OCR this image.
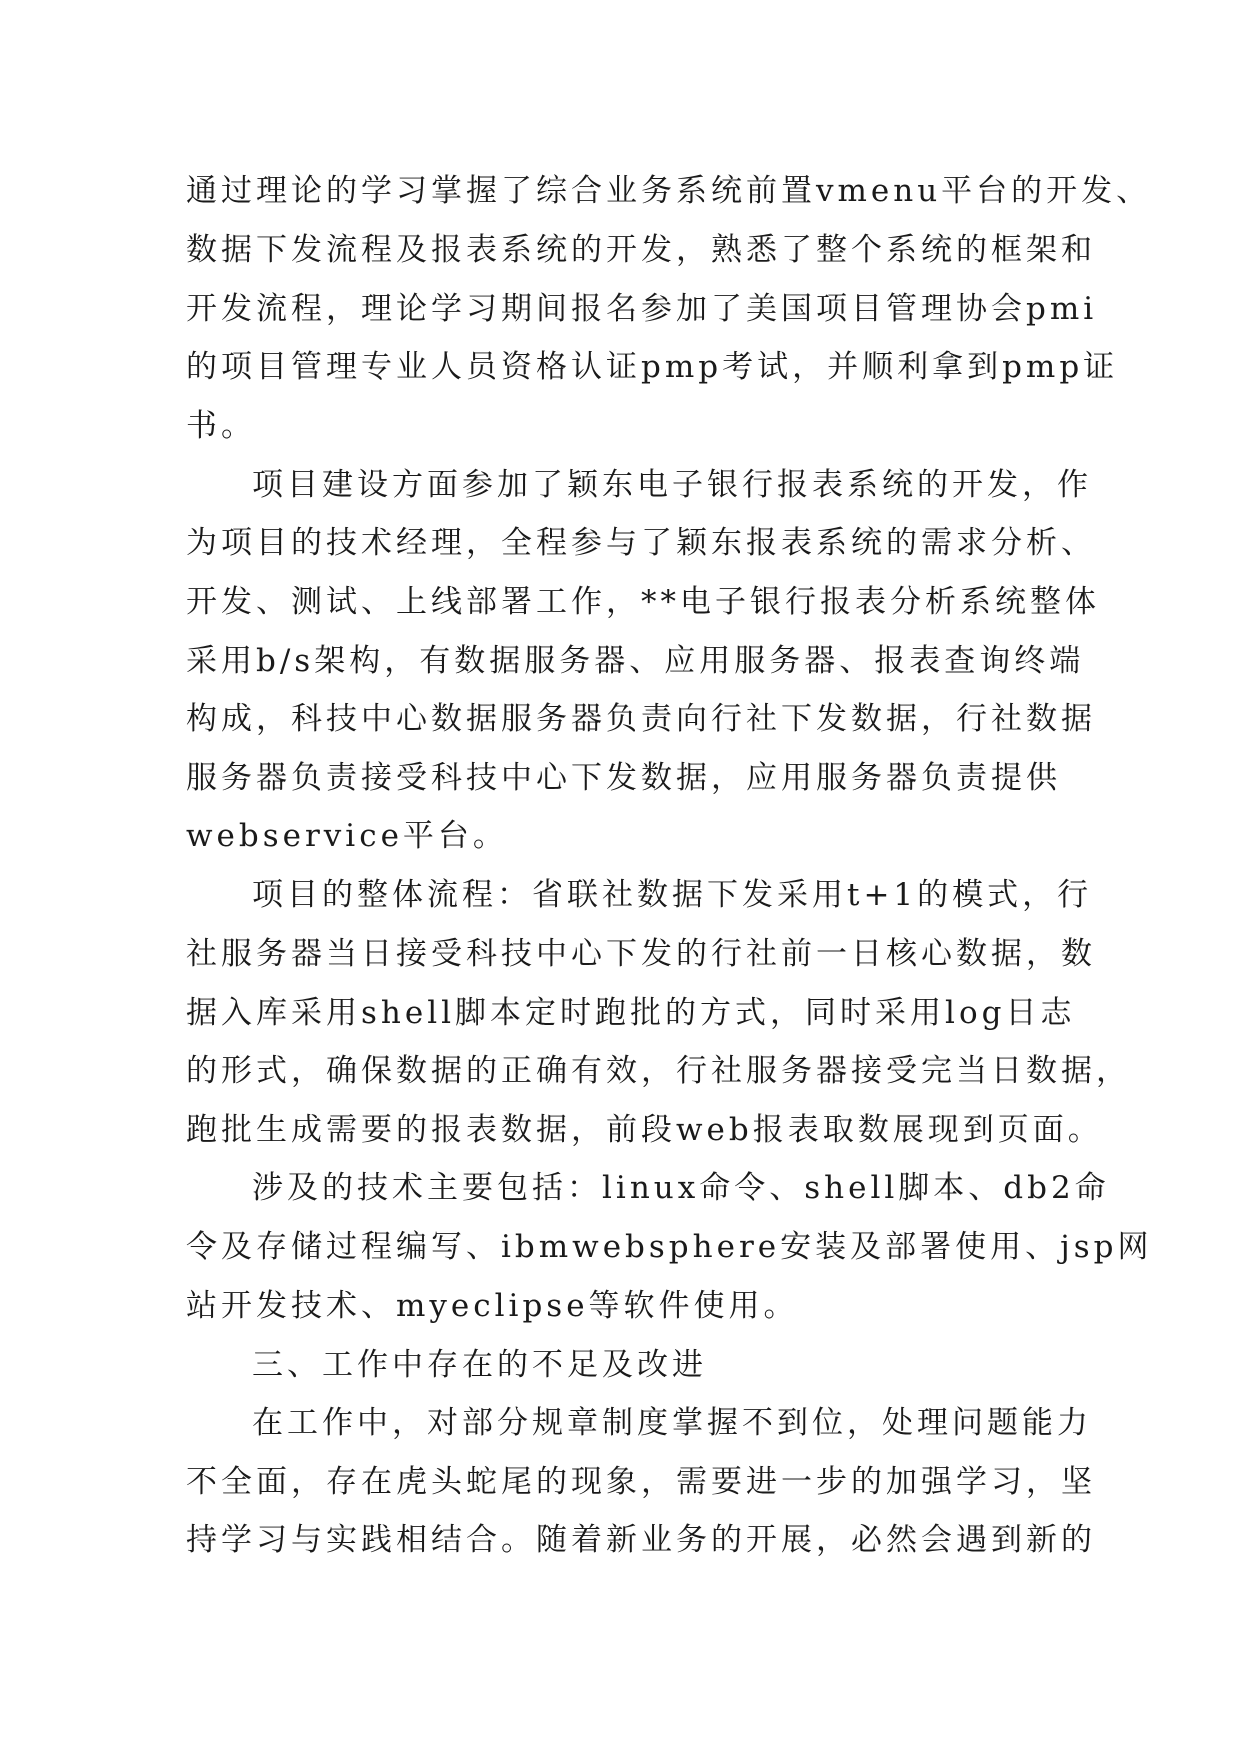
通过理论的学习掌握了综合业务系统前置vmenu平台的开发、
数据下发流程及报表系统的开发，熟悉了整个系统的框架和
开发流程，理论学习期间报名参加了美国项目管理协会pmi
的项目管理专业人员资格认证pmp考试，并顺利拿到pmp证
书。
项目建设方面参加了颖东电子银行报表系统的开发，作
为项目的技术经理，全程参与了颖东报表系统的需求分析、
开发、测试、上线部署工作，**电子银行报表分析系统整体
采用b/s架构，有数据服务器、应用服务器、报表查询终端
构成，科技中心数据服务器负责向行社下发数据，行社数据
服务器负责接受科技中心下发数据，应用服务器负责提供
webservice平台。
项目的整体流程：省联社数据下发采用t+1的模式，行
社服务器当日接受科技中心下发的行社前一日核心数据，数
据入库采用shell脚本定时跑批的方式，同时采用log日志
的形式，确保数据的正确有效，行社服务器接受完当日数据，
跑批生成需要的报表数据，前段web报表取数展现到页面。
涉及的技术主要包括：linux命令、shell脚本、db2命
令及存储过程编写、ibmwebsphere安装及部署使用、jsp网
站开发技术、myeclipse等软件使用。
三、工作中存在的不足及改进
在工作中，对部分规章制度掌握不到位，处理问题能力
不全面，存在虎头蛇尾的现象，需要进一步的加强学习，坚
持学习与实践相结合。随着新业务的开展，必然会遇到新的
